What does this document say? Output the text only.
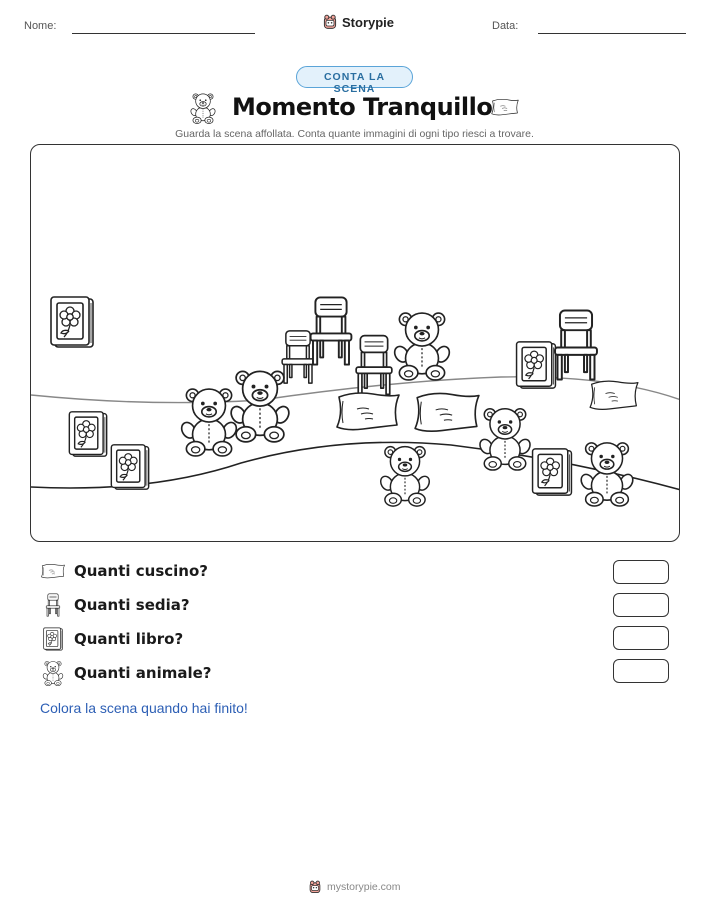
Nome:	Storypie	Data:
CONTA LA SCENA
Momento Tranquillo
Guarda la scena affollata. Conta quante immagini di ogni tipo riesci a trovare.
Quanti cuscino?
Quanti sedia?
Quanti libro?
Quanti animale?
Colora la scena quando hai finito!
mystorypie.com
